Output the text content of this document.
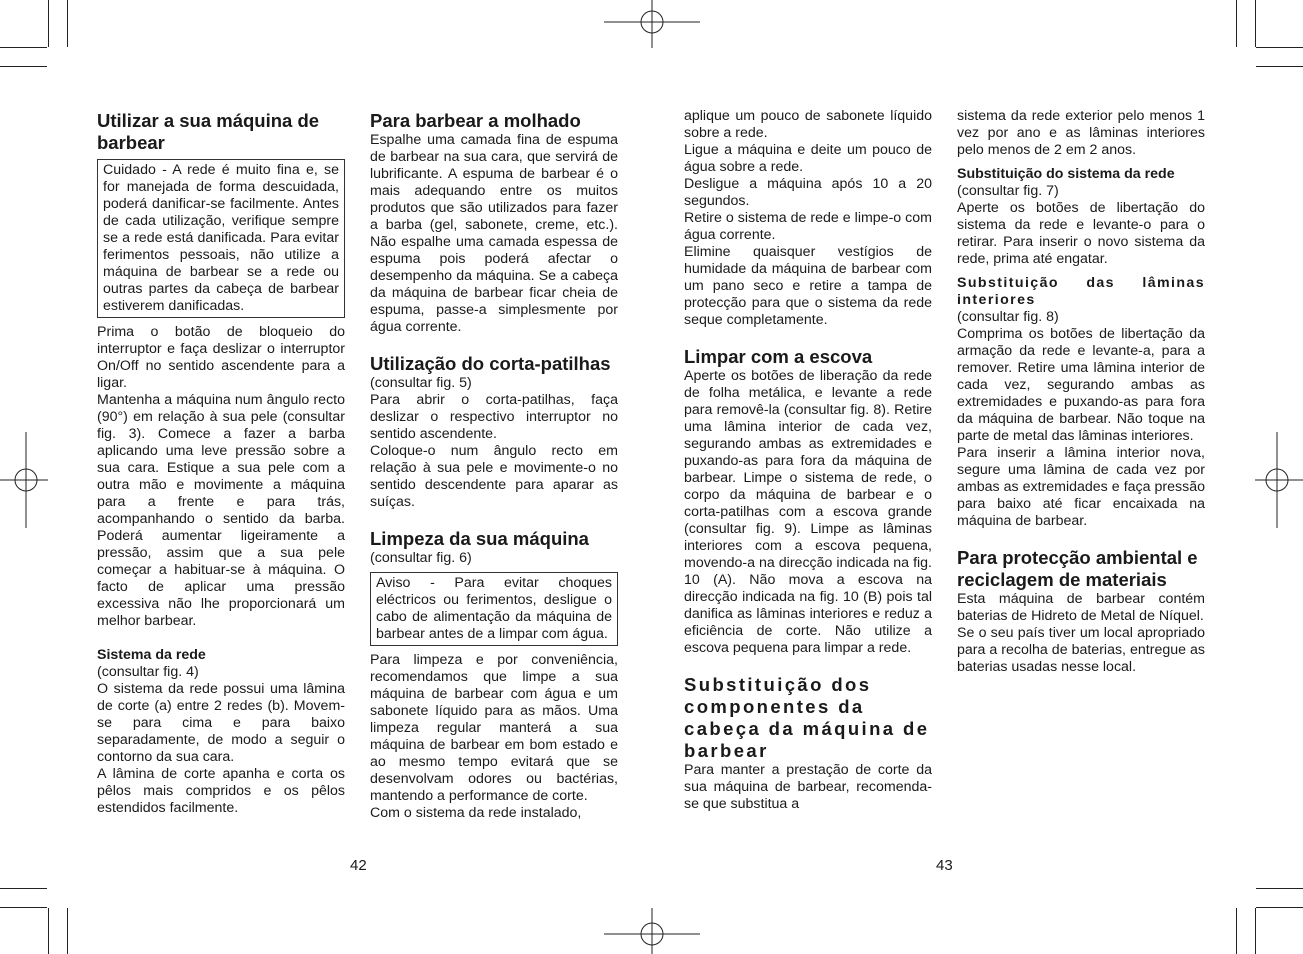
Utilizar a sua máquina de barbear

Cuidado - A rede é muito fina e, se for manejada de forma descuidada, poderá danificar-se facilmente. Antes de cada utilização, verifique sempre se a rede está danificada. Para evitar ferimentos pessoais, não utilize a máquina de barbear se a rede ou outras partes da cabeça de barbear estiverem danificadas.

Prima o botão de bloqueio do interruptor e faça deslizar o interruptor On/Off no sentido ascendente para a ligar.

Mantenha a máquina num ângulo recto (90°) em relação à sua pele (consultar fig. 3). Comece a fazer a barba aplicando uma leve pressão sobre a sua cara. Estique a sua pele com a outra mão e movimente a máquina para a frente e para trás, acompanhando o sentido da barba. Poderá aumentar ligeiramente a pressão, assim que a sua pele começar a habituar-se à máquina. O facto de aplicar uma pressão excessiva não lhe proporcionará um melhor barbear.

Sistema da rede

(consultar fig. 4)

O sistema da rede possui uma lâmina de corte (a) entre 2 redes (b). Movem-se para cima e para baixo separadamente, de modo a seguir o contorno da sua cara.

A lâmina de corte apanha e corta os pêlos mais compridos e os pêlos estendidos facilmente.

Para barbear a molhado

Espalhe uma camada fina de espuma de barbear na sua cara, que servirá de lubrificante. A espuma de barbear é o mais adequando entre os muitos produtos que são utilizados para fazer a barba (gel, sabonete, creme, etc.). Não espalhe uma camada espessa de espuma pois poderá afectar o desempenho da máquina. Se a cabeça da máquina de barbear ficar cheia de espuma, passe-a simplesmente por água corrente.

Utilização do corta-patilhas

(consultar fig. 5)

Para abrir o corta-patilhas, faça deslizar o respectivo interruptor no sentido ascendente.

Coloque-o num ângulo recto em relação à sua pele e movimente-o no sentido descendente para aparar as suíças.

Limpeza da sua máquina

(consultar fig. 6)

Aviso - Para evitar choques eléctricos ou ferimentos, desligue o cabo de alimentação da máquina de barbear antes de a limpar com água.

Para limpeza e por conveniência, recomendamos que limpe a sua máquina de barbear com água e um sabonete líquido para as mãos. Uma limpeza regular manterá a sua máquina de barbear em bom estado e ao mesmo tempo evitará que se desenvolvam odores ou bactérias, mantendo a performance de corte.

Com o sistema da rede instalado,

aplique um pouco de sabonete líquido sobre a rede.

Ligue a máquina e deite um pouco de água sobre a rede.

Desligue a máquina após 10 a 20 segundos.

Retire o sistema de rede e limpe-o com água corrente.

Elimine quaisquer vestígios de humidade da máquina de barbear com um pano seco e retire a tampa de protecção para que o sistema da rede seque completamente.

Limpar com a escova

Aperte os botões de liberação da rede de folha metálica, e levante a rede para removê-la (consultar fig. 8). Retire uma lâmina interior de cada vez, segurando ambas as extremidades e puxando-as para fora da máquina de barbear. Limpe o sistema de rede, o corpo da máquina de barbear e o corta-patilhas com a escova grande (consultar fig. 9). Limpe as lâminas interiores com a escova pequena, movendo-a na direcção indicada na fig. 10 (A). Não mova a escova na direcção indicada na fig. 10 (B) pois tal danifica as lâminas interiores e reduz a eficiência de corte. Não utilize a escova pequena para limpar a rede.

Substituição dos componentes da cabeça da máquina de barbear

Para manter a prestação de corte da sua máquina de barbear, recomenda-se que substitua a

sistema da rede exterior pelo menos 1 vez por ano e as lâminas interiores pelo menos de 2 em 2 anos.

Substituição do sistema da rede

(consultar fig. 7)

Aperte os botões de libertação do sistema da rede e levante-o para o retirar. Para inserir o novo sistema da rede, prima até engatar.

Substituição das lâminas interiores

(consultar fig. 8)

Comprima os botões de libertação da armação da rede e levante-a, para a remover. Retire uma lâmina interior de cada vez, segurando ambas as extremidades e puxando-as para fora da máquina de barbear. Não toque na parte de metal das lâminas interiores.

Para inserir a lâmina interior nova, segure uma lâmina de cada vez por ambas as extremidades e faça pressão para baixo até ficar encaixada na máquina de barbear.

Para protecção ambiental e reciclagem de materiais

Esta máquina de barbear contém baterias de Hidreto de Metal de Níquel.

Se o seu país tiver um local apropriado para a recolha de baterias, entregue as baterias usadas nesse local.

42	43
